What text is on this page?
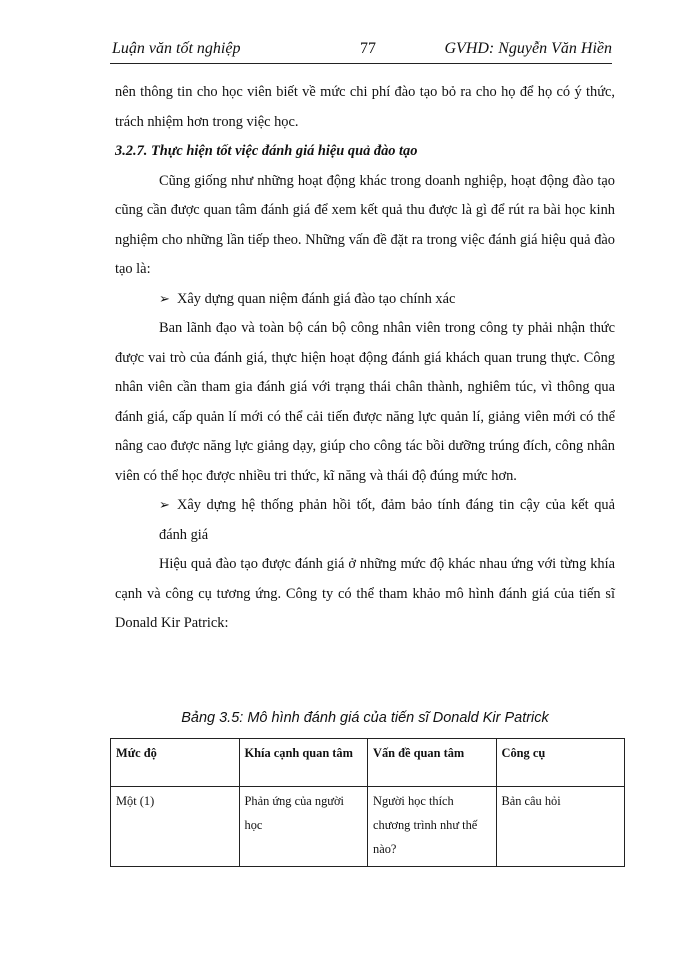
Luận văn tốt nghiệp	77	GVHD: Nguyễn Văn Hiền

nên thông tin cho học viên biết về mức chi phí đào tạo bỏ ra cho họ để họ có ý thức, trách nhiệm hơn trong việc học.

3.2.7. Thực hiện tốt việc đánh giá hiệu quả đào tạo

Cũng giống như những hoạt động khác trong doanh nghiệp, hoạt động đào tạo cũng cần được quan tâm đánh giá để xem kết quả thu được là gì để rút ra bài học kinh nghiệm cho những lần tiếp theo. Những vấn đề đặt ra trong việc đánh giá hiệu quả đào tạo là:

➢ Xây dựng quan niệm đánh giá đào tạo chính xác

Ban lãnh đạo và toàn bộ cán bộ công nhân viên trong công ty phải nhận thức được vai trò của đánh giá, thực hiện hoạt động đánh giá khách quan trung thực. Công nhân viên cần tham gia đánh giá với trạng thái chân thành, nghiêm túc, vì thông qua đánh giá, cấp quản lí mới có thể cải tiến được năng lực quản lí, giảng viên mới có thể nâng cao được năng lực giảng dạy, giúp cho công tác bồi dưỡng trúng đích, công nhân viên có thể học được nhiều tri thức, kĩ năng và thái độ đúng mức hơn.

➢ Xây dựng hệ thống phản hồi tốt, đảm bảo tính đáng tin cậy của kết quả đánh giá

Hiệu quả đào tạo được đánh giá ở những mức độ khác nhau ứng với từng khía cạnh và công cụ tương ứng. Công ty có thể tham khảo mô hình đánh giá của tiến sĩ Donald Kir Patrick:

Bảng 3.5: Mô hình đánh giá của tiến sĩ Donald Kir Patrick
Mức độ	Khía cạnh quan tâm	Vấn đề quan tâm	Công cụ
Một (1)	Phản ứng của người học	Người học thích chương trình như thế nào?	Bản câu hỏi
